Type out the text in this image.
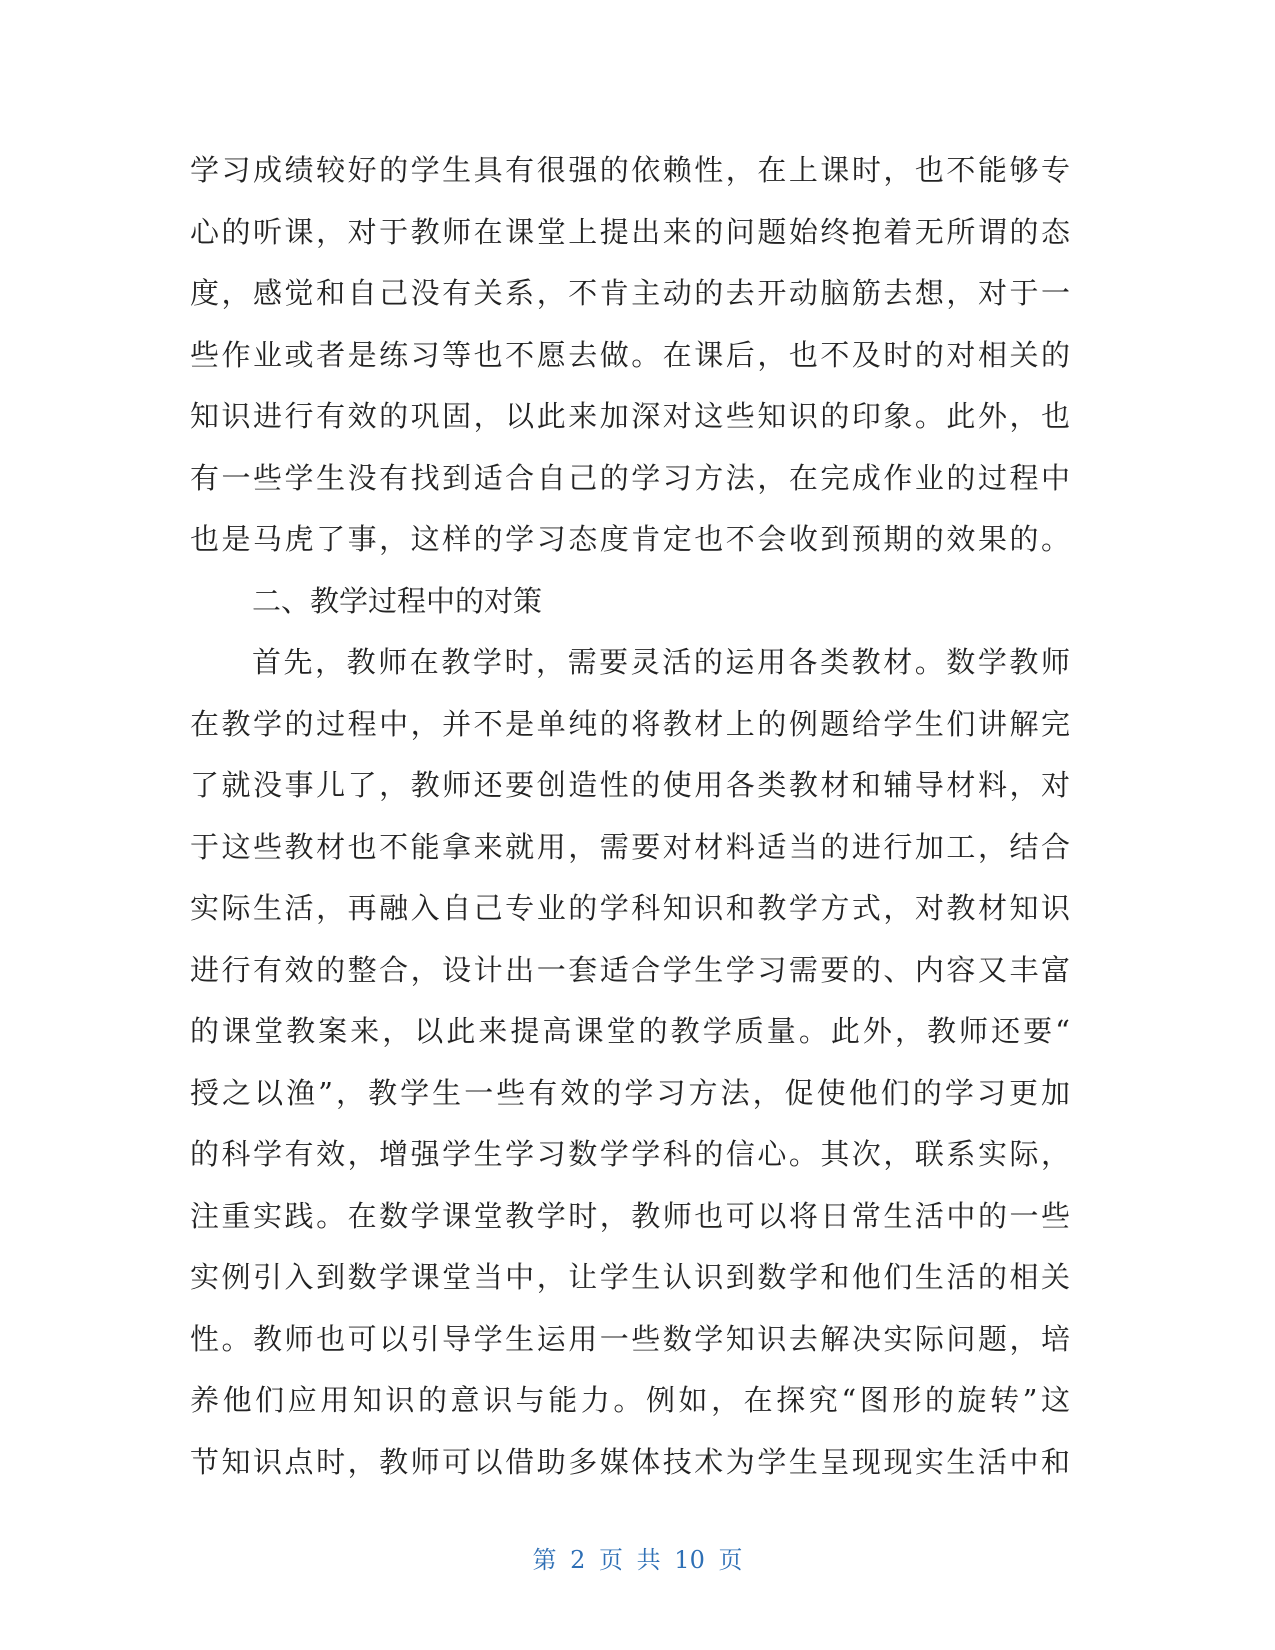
学习成绩较好的学生具有很强的依赖性，在上课时，也不能够专
心的听课，对于教师在课堂上提出来的问题始终抱着无所谓的态
度，感觉和自己没有关系，不肯主动的去开动脑筋去想，对于一
些作业或者是练习等也不愿去做。在课后，也不及时的对相关的
知识进行有效的巩固，以此来加深对这些知识的印象。此外，也
有一些学生没有找到适合自己的学习方法，在完成作业的过程中
也是马虎了事，这样的学习态度肯定也不会收到预期的效果的。
二、教学过程中的对策
首先，教师在教学时，需要灵活的运用各类教材。数学教师
在教学的过程中，并不是单纯的将教材上的例题给学生们讲解完
了就没事儿了，教师还要创造性的使用各类教材和辅导材料，对
于这些教材也不能拿来就用，需要对材料适当的进行加工，结合
实际生活，再融入自己专业的学科知识和教学方式，对教材知识
进行有效的整合，设计出一套适合学生学习需要的、内容又丰富
的课堂教案来，以此来提高课堂的教学质量。此外，教师还要“
授之以渔”，教学生一些有效的学习方法，促使他们的学习更加
的科学有效，增强学生学习数学学科的信心。其次，联系实际，
注重实践。在数学课堂教学时，教师也可以将日常生活中的一些
实例引入到数学课堂当中，让学生认识到数学和他们生活的相关
性。教师也可以引导学生运用一些数学知识去解决实际问题，培
养他们应用知识的意识与能力。例如，在探究“图形的旋转”这
节知识点时，教师可以借助多媒体技术为学生呈现现实生活中和
第 2 页 共 10 页
